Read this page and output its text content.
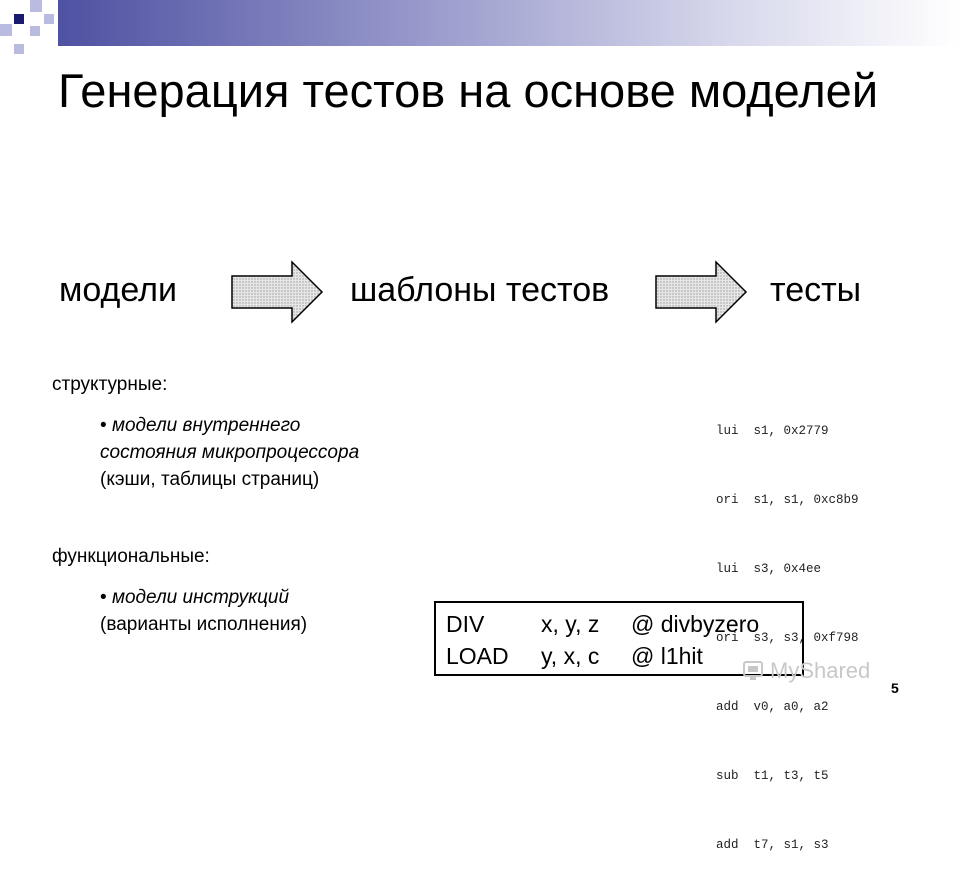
Генерация тестов на основе моделей
модели	шаблоны тестов	тесты
структурные:
• модели внутреннего
состояния микропроцессора
(кэши, таблицы страниц)
функциональные:
• модели инструкций
(варианты исполнения)

lui  s1, 0x2779

ori  s1, s1, 0xc8b9

lui  s3, 0x4ee

ori  s3, s3, 0xf798

add  v0, a0, a2

sub  t1, t3, t5

add  t7, s1, s3

DIV x, y, z @ divbyzero
LOAD y, x, c @ l1hit
MyShared
5
